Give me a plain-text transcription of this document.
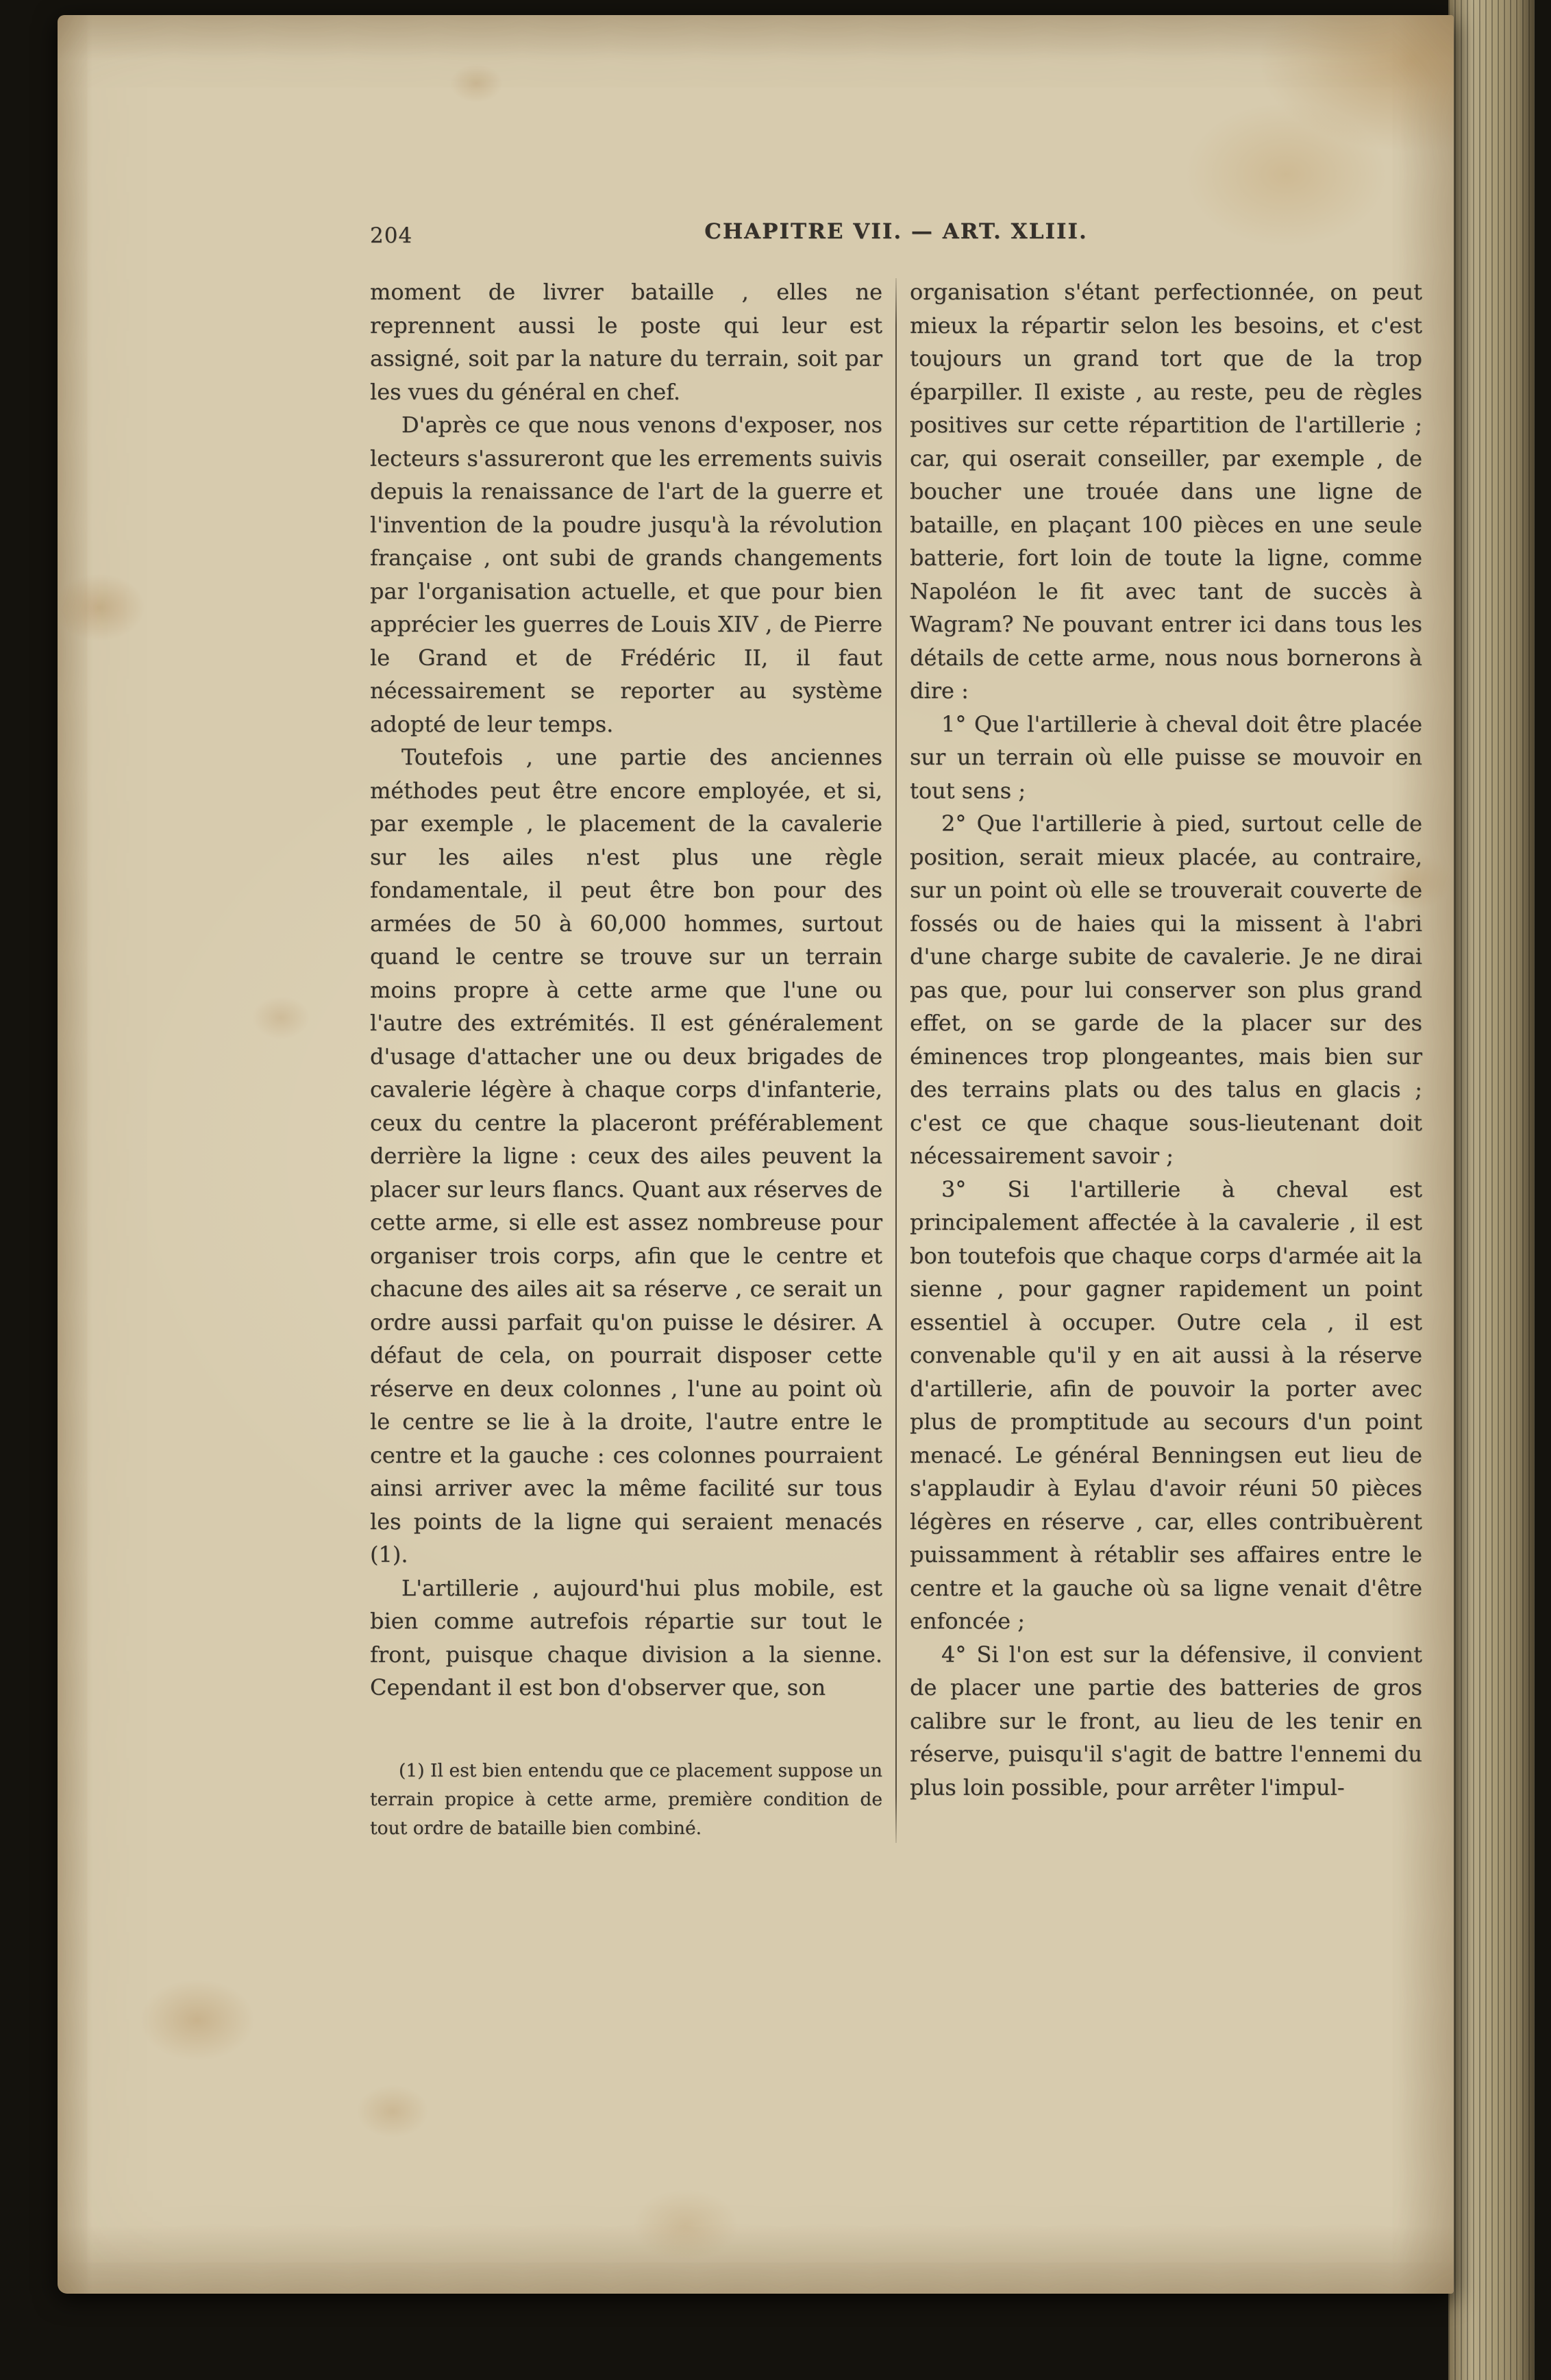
204	CHAPITRE VII. — ART. XLIII.

moment de livrer bataille , elles ne reprennent aussi le poste qui leur est assigné, soit par la nature du terrain, soit par les vues du général en chef.

D'après ce que nous venons d'exposer, nos lecteurs s'assureront que les errements suivis depuis la renaissance de l'art de la guerre et l'invention de la poudre jusqu'à la révolution française , ont subi de grands changements par l'organisation actuelle, et que pour bien apprécier les guerres de Louis XIV , de Pierre le Grand et de Frédéric II, il faut nécessairement se reporter au système adopté de leur temps.

Toutefois , une partie des anciennes méthodes peut être encore employée, et si, par exemple , le placement de la cavalerie sur les ailes n'est plus une règle fondamentale, il peut être bon pour des armées de 50 à 60,000 hommes, surtout quand le centre se trouve sur un terrain moins propre à cette arme que l'une ou l'autre des extrémités. Il est généralement d'usage d'attacher une ou deux brigades de cavalerie légère à chaque corps d'infanterie, ceux du centre la placeront préférablement derrière la ligne : ceux des ailes peuvent la placer sur leurs flancs. Quant aux réserves de cette arme, si elle est assez nombreuse pour organiser trois corps, afin que le centre et chacune des ailes ait sa réserve , ce serait un ordre aussi parfait qu'on puisse le désirer. A défaut de cela, on pourrait disposer cette réserve en deux colonnes , l'une au point où le centre se lie à la droite, l'autre entre le centre et la gauche : ces colonnes pourraient ainsi arriver avec la même facilité sur tous les points de la ligne qui seraient menacés (1).

L'artillerie , aujourd'hui plus mobile, est bien comme autrefois répartie sur tout le front, puisque chaque division a la sienne. Cependant il est bon d'observer que, son

(1) Il est bien entendu que ce placement suppose un terrain propice à cette arme, première condition de tout ordre de bataille bien combiné.

organisation s'étant perfectionnée, on peut mieux la répartir selon les besoins, et c'est toujours un grand tort que de la trop éparpiller. Il existe , au reste, peu de règles positives sur cette répartition de l'artillerie ; car, qui oserait conseiller, par exemple , de boucher une trouée dans une ligne de bataille, en plaçant 100 pièces en une seule batterie, fort loin de toute la ligne, comme Napoléon le fit avec tant de succès à Wagram? Ne pouvant entrer ici dans tous les détails de cette arme, nous nous bornerons à dire :

1° Que l'artillerie à cheval doit être placée sur un terrain où elle puisse se mouvoir en tout sens ;

2° Que l'artillerie à pied, surtout celle de position, serait mieux placée, au contraire, sur un point où elle se trouverait couverte de fossés ou de haies qui la missent à l'abri d'une charge subite de cavalerie. Je ne dirai pas que, pour lui conserver son plus grand effet, on se garde de la placer sur des éminences trop plongeantes, mais bien sur des terrains plats ou des talus en glacis ; c'est ce que chaque sous-lieutenant doit nécessairement savoir ;

3° Si l'artillerie à cheval est principalement affectée à la cavalerie , il est bon toutefois que chaque corps d'armée ait la sienne , pour gagner rapidement un point essentiel à occuper. Outre cela , il est convenable qu'il y en ait aussi à la réserve d'artillerie, afin de pouvoir la porter avec plus de promptitude au secours d'un point menacé. Le général Benningsen eut lieu de s'applaudir à Eylau d'avoir réuni 50 pièces légères en réserve , car, elles contribuèrent puissamment à rétablir ses affaires entre le centre et la gauche où sa ligne venait d'être enfoncée ;

4° Si l'on est sur la défensive, il convient de placer une partie des batteries de gros calibre sur le front, au lieu de les tenir en réserve, puisqu'il s'agit de battre l'ennemi du plus loin possible, pour arrêter l'impul-
